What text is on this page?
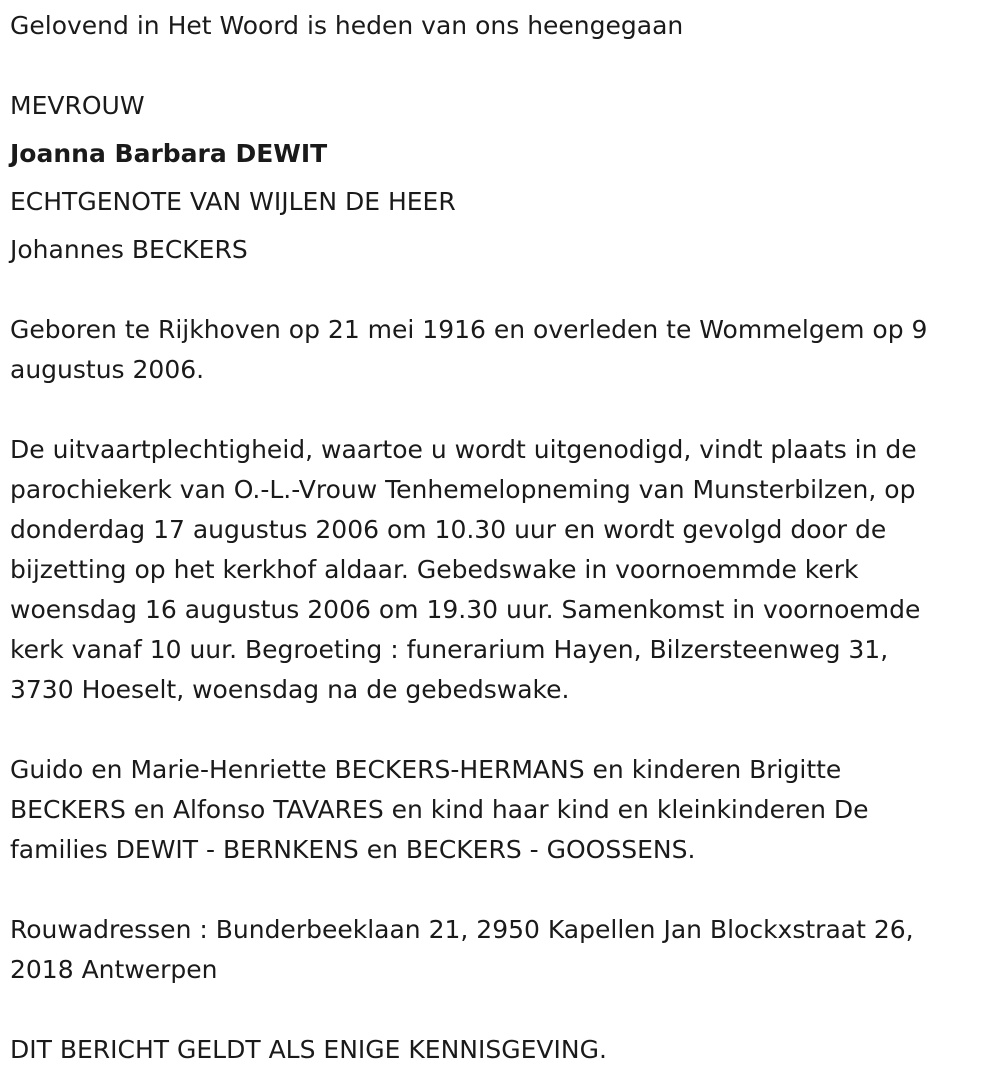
Gelovend in Het Woord is heden van ons heengegaan

MEVROUW

Joanna Barbara DEWIT

ECHTGENOTE VAN WIJLEN DE HEER

Johannes BECKERS

Geboren te Rijkhoven op 21 mei 1916 en overleden te Wommelgem op 9

augustus 2006.

De uitvaartplechtigheid, waartoe u wordt uitgenodigd, vindt plaats in de

parochiekerk van O.-L.-Vrouw Tenhemelopneming van Munsterbilzen, op

donderdag 17 augustus 2006 om 10.30 uur en wordt gevolgd door de

bijzetting op het kerkhof aldaar. Gebedswake in voornoemmde kerk

woensdag 16 augustus 2006 om 19.30 uur. Samenkomst in voornoemde

kerk vanaf 10 uur. Begroeting : funerarium Hayen, Bilzersteenweg 31,

3730 Hoeselt, woensdag na de gebedswake.

Guido en Marie-Henriette BECKERS-HERMANS en kinderen Brigitte

BECKERS en Alfonso TAVARES en kind haar kind en kleinkinderen De

families DEWIT - BERNKENS en BECKERS - GOOSSENS.

Rouwadressen : Bunderbeeklaan 21, 2950 Kapellen Jan Blockxstraat 26,

2018 Antwerpen

DIT BERICHT GELDT ALS ENIGE KENNISGEVING.
